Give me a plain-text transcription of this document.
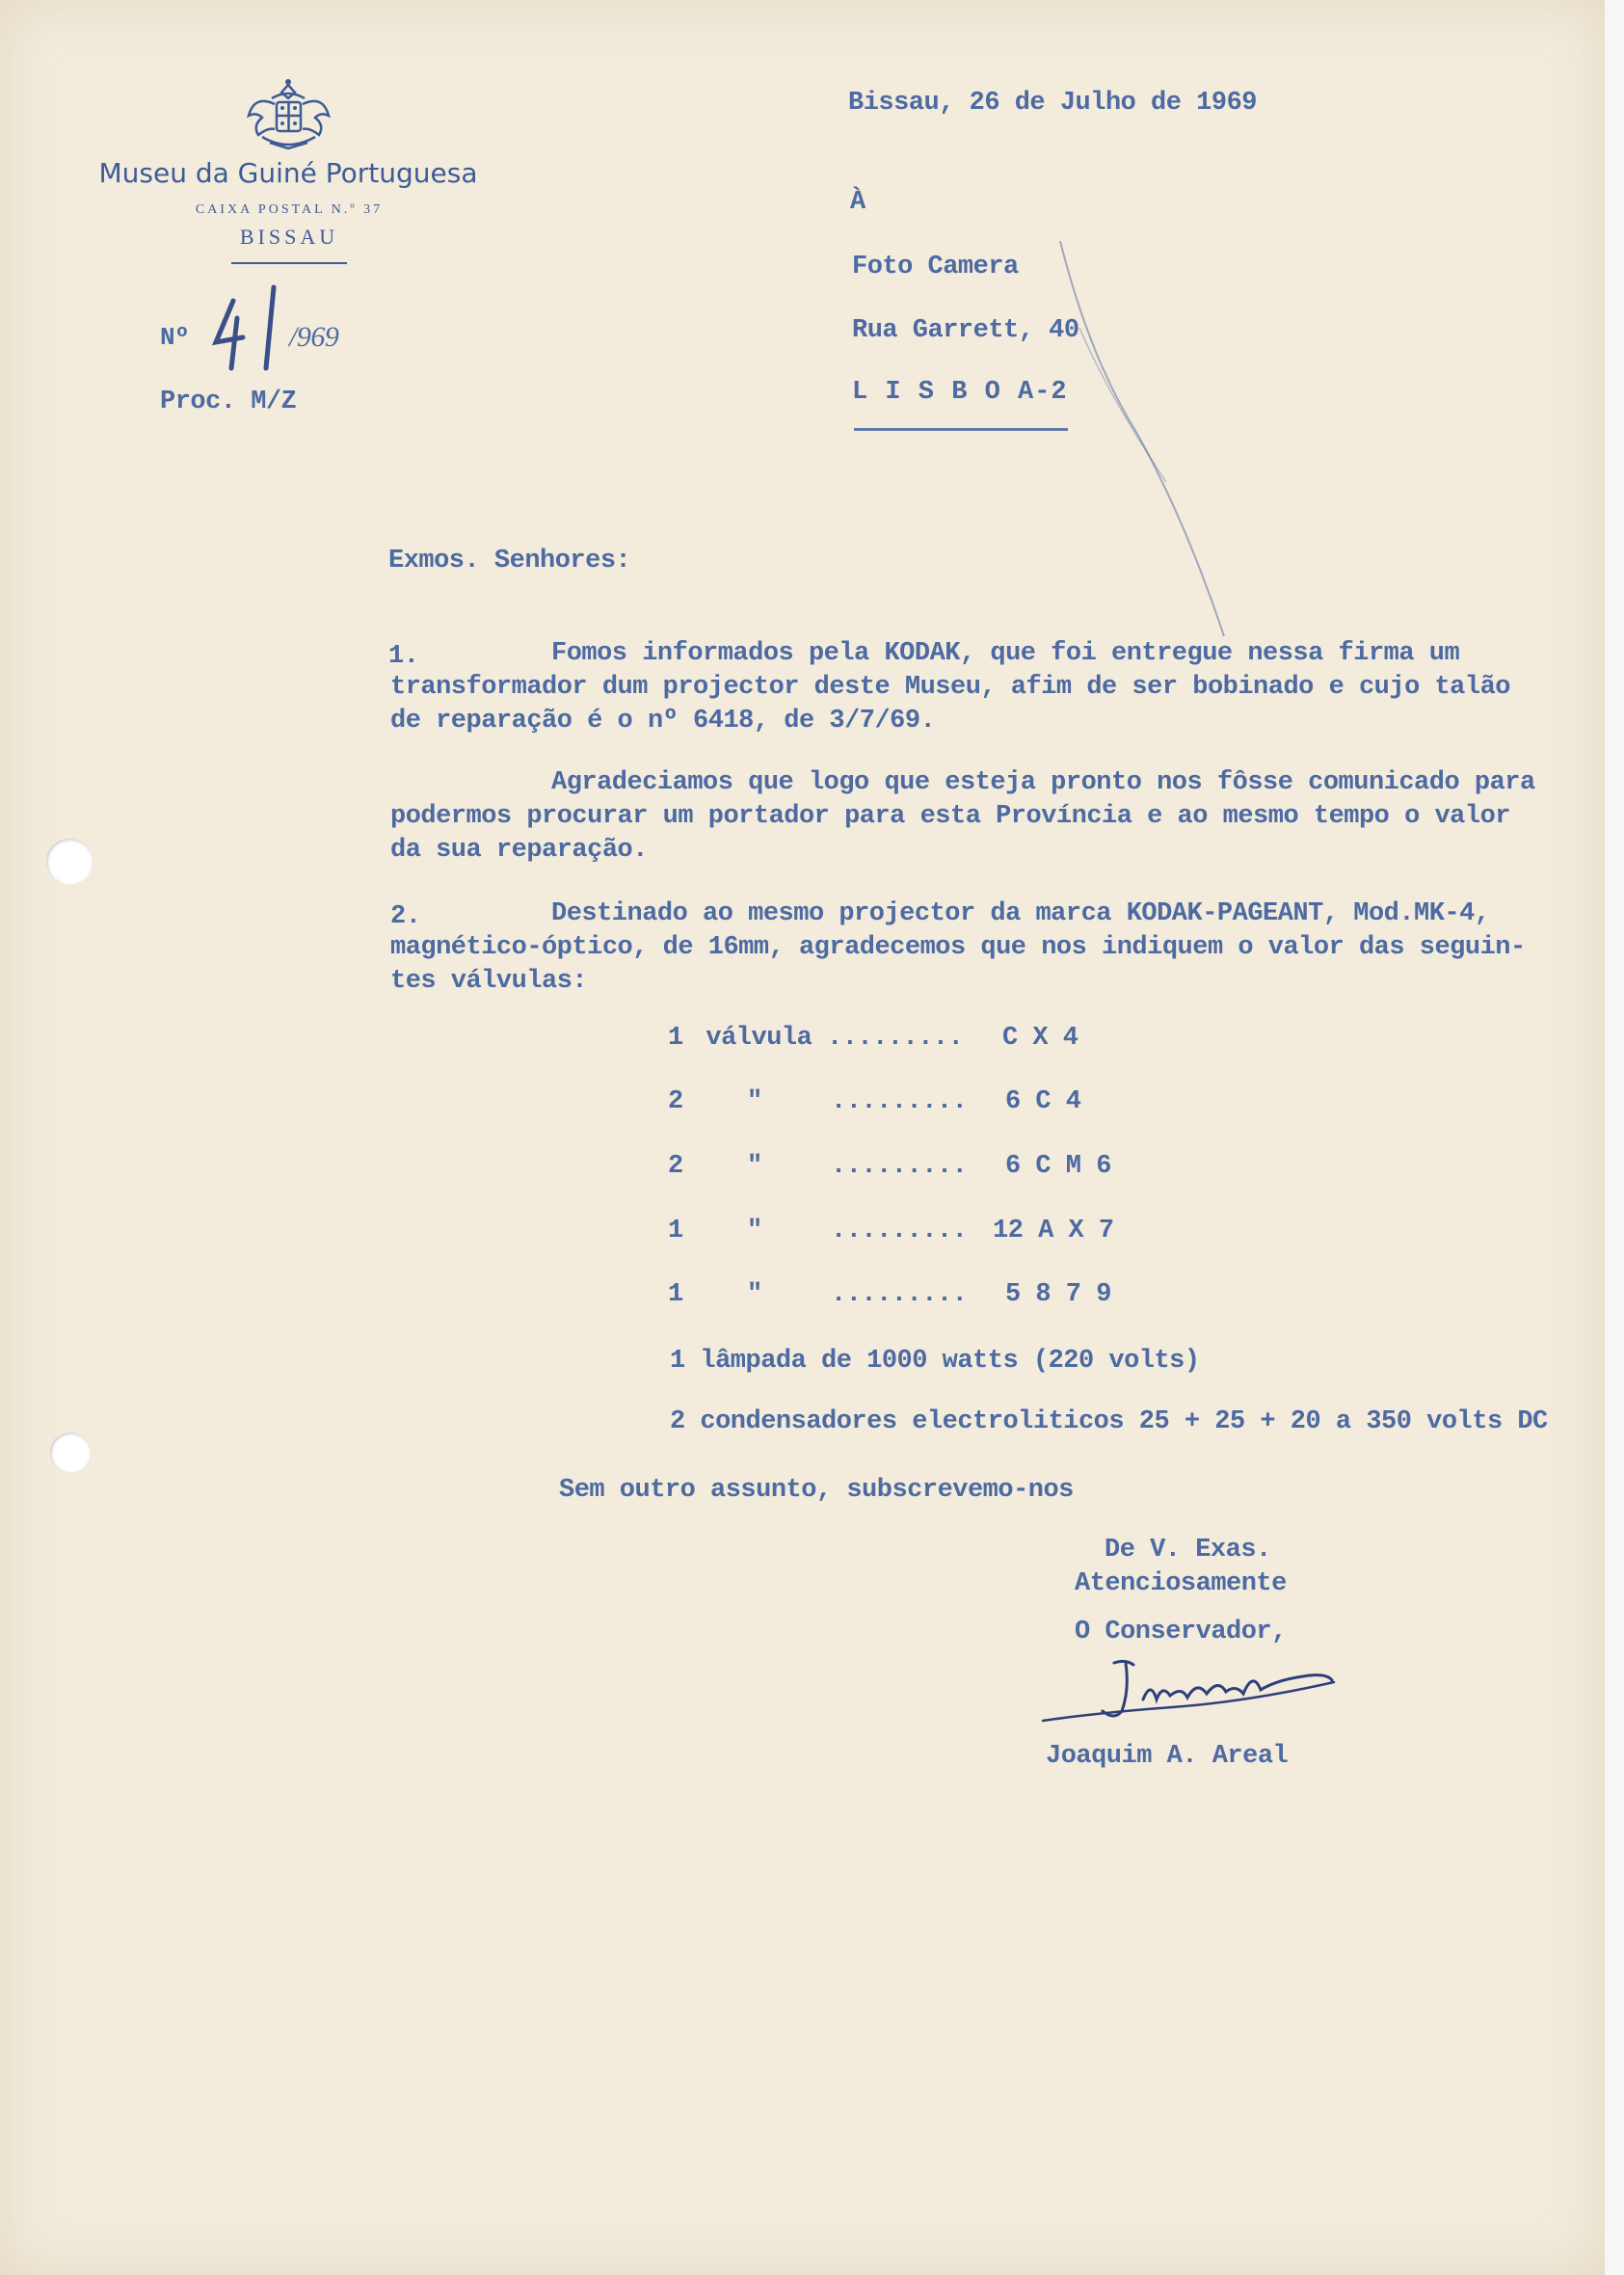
Museu da Guiné Portuguesa
CAIXA POSTAL N.º 37
BISSAU
Nº	/969
Proc. M/Z
Bissau, 26 de Julho de 1969
À
Foto Camera
Rua Garrett, 40
L I S B O A-2
Exmos. Senhores:
1.	Fomos informados pela KODAK, que foi entregue nessa firma um
transformador dum projector deste Museu, afim de ser bobinado e cujo talão
de reparação é o nº 6418, de 3/7/69.
Agradeciamos que logo que esteja pronto nos fôsse comunicado para
podermos procurar um portador para esta Província e ao mesmo tempo o valor
da sua reparação.
2.	Destinado ao mesmo projector da marca KODAK-PAGEANT, Mod.MK-4,
magnético-óptico, de 16mm, agradecemos que nos indiquem o valor das seguin-
tes válvulas:
1 válvula ......... C X 4
2 "	......... 6 C 4
2 "	......... 6 C M 6
1 "	......... 12 A X 7
1 "	......... 5 8 7 9
1 lâmpada de 1000 watts (220 volts)
2 condensadores electroliticos 25 + 25 + 20 a 350 volts DC
Sem outro assunto, subscrevemo-nos
De V. Exas.
Atenciosamente
O Conservador,
Joaquim A. Areal
